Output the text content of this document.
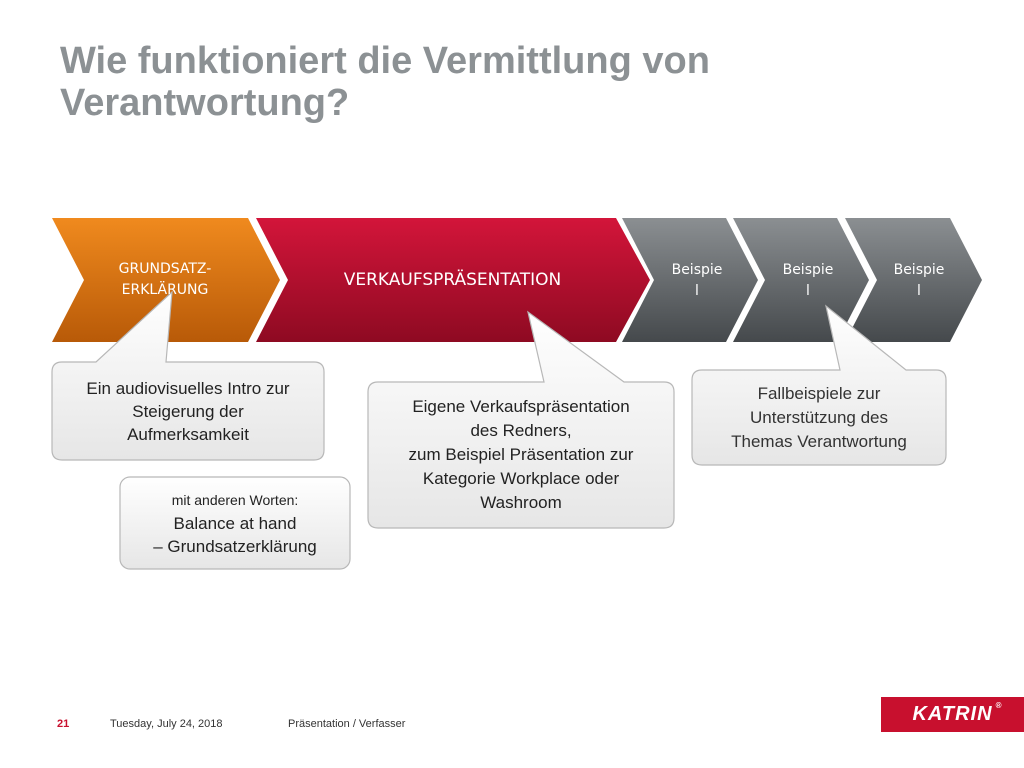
Wie funktioniert die Vermittlung von Verantwortung?
GRUNDSATZ-
ERKLÄRUNG	VERKAUFSPRÄSENTATION	Beispie
l
Beispie
l
Beispie
l
Ein audiovisuelles Intro zur
Steigerung der
Aufmerksamkeit
mit anderen Worten:
Balance at hand
– Grundsatzerklärung
Eigene Verkaufspräsentation
des Redners,
zum Beispiel Präsentation zur
Kategorie Workplace oder
Washroom
Fallbeispiele zur
Unterstützung des
Themas Verantwortung
21	Tuesday, July 24, 2018	Präsentation / Verfasser	KATRIN ®
